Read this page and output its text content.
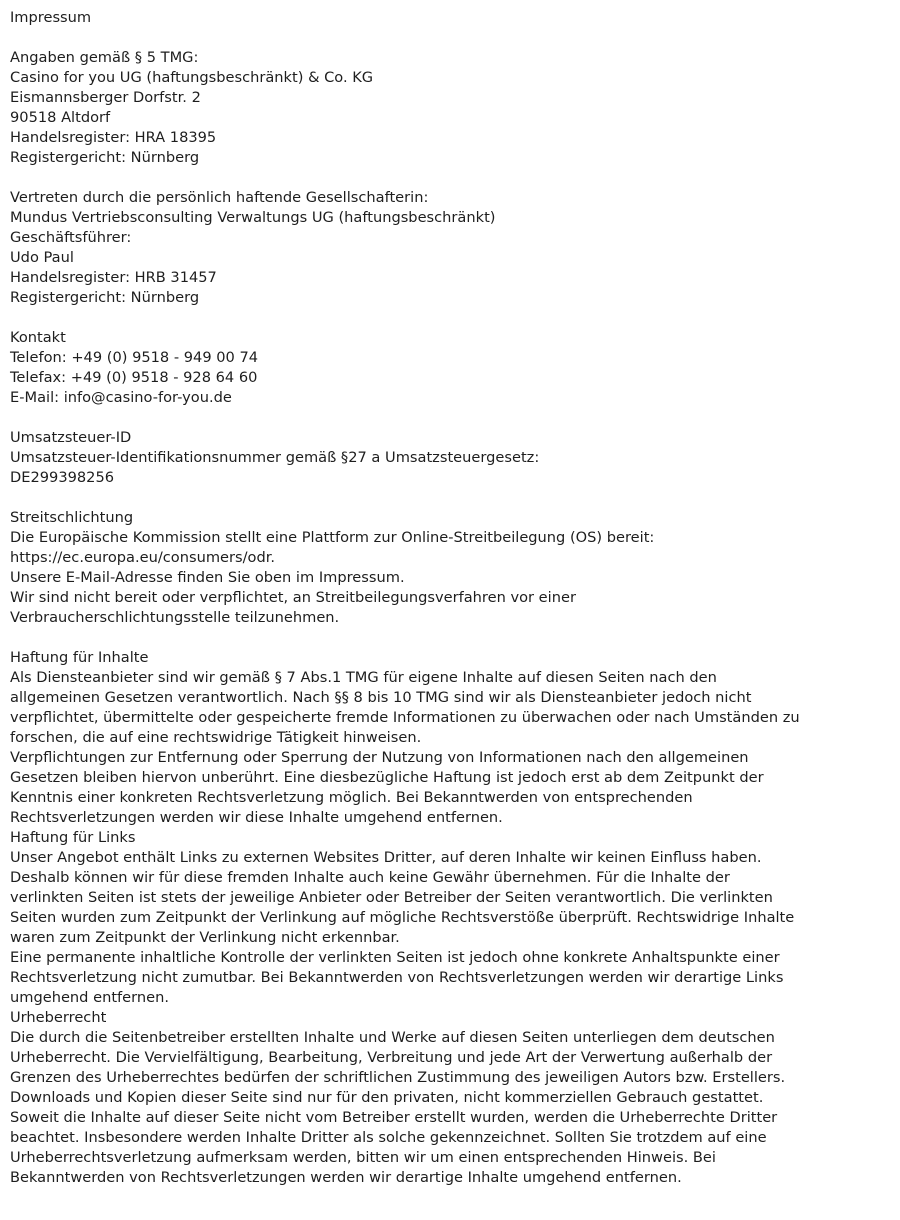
Impressum
Angaben gemäß § 5 TMG:
Casino for you UG (haftungsbeschränkt) & Co. KG
Eismannsberger Dorfstr. 2
90518 Altdorf
Handelsregister: HRA 18395
Registergericht: Nürnberg
Vertreten durch die persönlich haftende Gesellschafterin:
Mundus Vertriebsconsulting Verwaltungs UG (haftungsbeschränkt)
Geschäftsführer:
Udo Paul
Handelsregister: HRB 31457
Registergericht: Nürnberg
Kontakt
Telefon: +49 (0) 9518 - 949 00 74
Telefax: +49 (0) 9518 - 928 64 60
E-Mail: info@casino-for-you.de
Umsatzsteuer-ID
Umsatzsteuer-Identifikationsnummer gemäß §27 a Umsatzsteuergesetz:
DE299398256
Streitschlichtung
Die Europäische Kommission stellt eine Plattform zur Online-Streitbeilegung (OS) bereit:
https://ec.europa.eu/consumers/odr.
Unsere E-Mail-Adresse finden Sie oben im Impressum.
Wir sind nicht bereit oder verpflichtet, an Streitbeilegungsverfahren vor einer
Verbraucherschlichtungsstelle teilzunehmen.
Haftung für Inhalte
Als Diensteanbieter sind wir gemäß § 7 Abs.1 TMG für eigene Inhalte auf diesen Seiten nach den
allgemeinen Gesetzen verantwortlich. Nach §§ 8 bis 10 TMG sind wir als Diensteanbieter jedoch nicht
verpflichtet, übermittelte oder gespeicherte fremde Informationen zu überwachen oder nach Umständen zu
forschen, die auf eine rechtswidrige Tätigkeit hinweisen.
Verpflichtungen zur Entfernung oder Sperrung der Nutzung von Informationen nach den allgemeinen
Gesetzen bleiben hiervon unberührt. Eine diesbezügliche Haftung ist jedoch erst ab dem Zeitpunkt der
Kenntnis einer konkreten Rechtsverletzung möglich. Bei Bekanntwerden von entsprechenden
Rechtsverletzungen werden wir diese Inhalte umgehend entfernen.
Haftung für Links
Unser Angebot enthält Links zu externen Websites Dritter, auf deren Inhalte wir keinen Einfluss haben.
Deshalb können wir für diese fremden Inhalte auch keine Gewähr übernehmen. Für die Inhalte der
verlinkten Seiten ist stets der jeweilige Anbieter oder Betreiber der Seiten verantwortlich. Die verlinkten
Seiten wurden zum Zeitpunkt der Verlinkung auf mögliche Rechtsverstöße überprüft. Rechtswidrige Inhalte
waren zum Zeitpunkt der Verlinkung nicht erkennbar.
Eine permanente inhaltliche Kontrolle der verlinkten Seiten ist jedoch ohne konkrete Anhaltspunkte einer
Rechtsverletzung nicht zumutbar. Bei Bekanntwerden von Rechtsverletzungen werden wir derartige Links
umgehend entfernen.
Urheberrecht
Die durch die Seitenbetreiber erstellten Inhalte und Werke auf diesen Seiten unterliegen dem deutschen
Urheberrecht. Die Vervielfältigung, Bearbeitung, Verbreitung und jede Art der Verwertung außerhalb der
Grenzen des Urheberrechtes bedürfen der schriftlichen Zustimmung des jeweiligen Autors bzw. Erstellers.
Downloads und Kopien dieser Seite sind nur für den privaten, nicht kommerziellen Gebrauch gestattet.
Soweit die Inhalte auf dieser Seite nicht vom Betreiber erstellt wurden, werden die Urheberrechte Dritter
beachtet. Insbesondere werden Inhalte Dritter als solche gekennzeichnet. Sollten Sie trotzdem auf eine
Urheberrechtsverletzung aufmerksam werden, bitten wir um einen entsprechenden Hinweis. Bei
Bekanntwerden von Rechtsverletzungen werden wir derartige Inhalte umgehend entfernen.
